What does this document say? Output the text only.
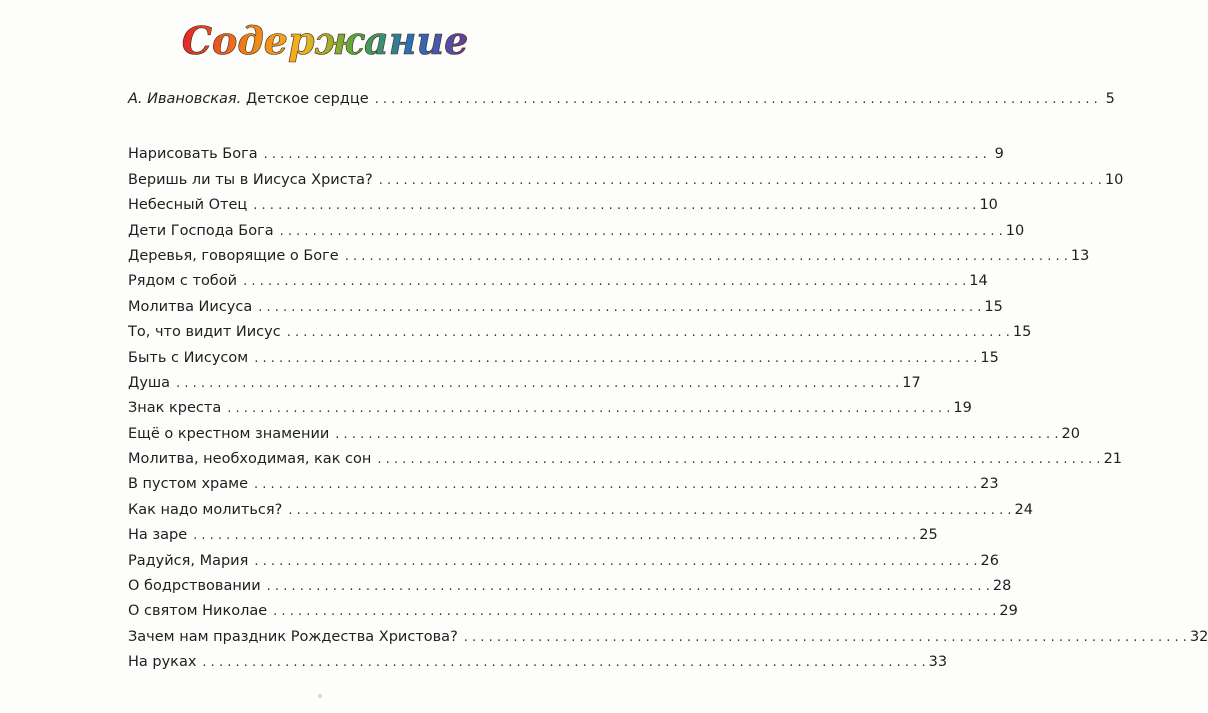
Содержание
А. Ивановская. Детское сердце . . .	5
Нарисовать Бога . . .	9
Веришь ли ты в Иисуса Христа? . . .	10
Небесный Отец . . .	10
Дети Господа Бога . . .	10
Деревья, говорящие о Боге . . .	13
Рядом с тобой . . .	14
Молитва Иисуса . . .	15
То, что видит Иисус . . .	15
Быть с Иисусом . . .	15
Душа . . .	17
Знак креста . . .	19
Ещё о крестном знамении . . .	20
Молитва, необходимая, как сон . . .	21
В пустом храме . . .	23
Как надо молиться? . . .	24
На заре . . .	25
Радуйся, Мария . . .	26
О бодрствовании . . .	28
О святом Николае . . .	29
Зачем нам праздник Рождества Христова? . . .	32
На руках . . .	33
